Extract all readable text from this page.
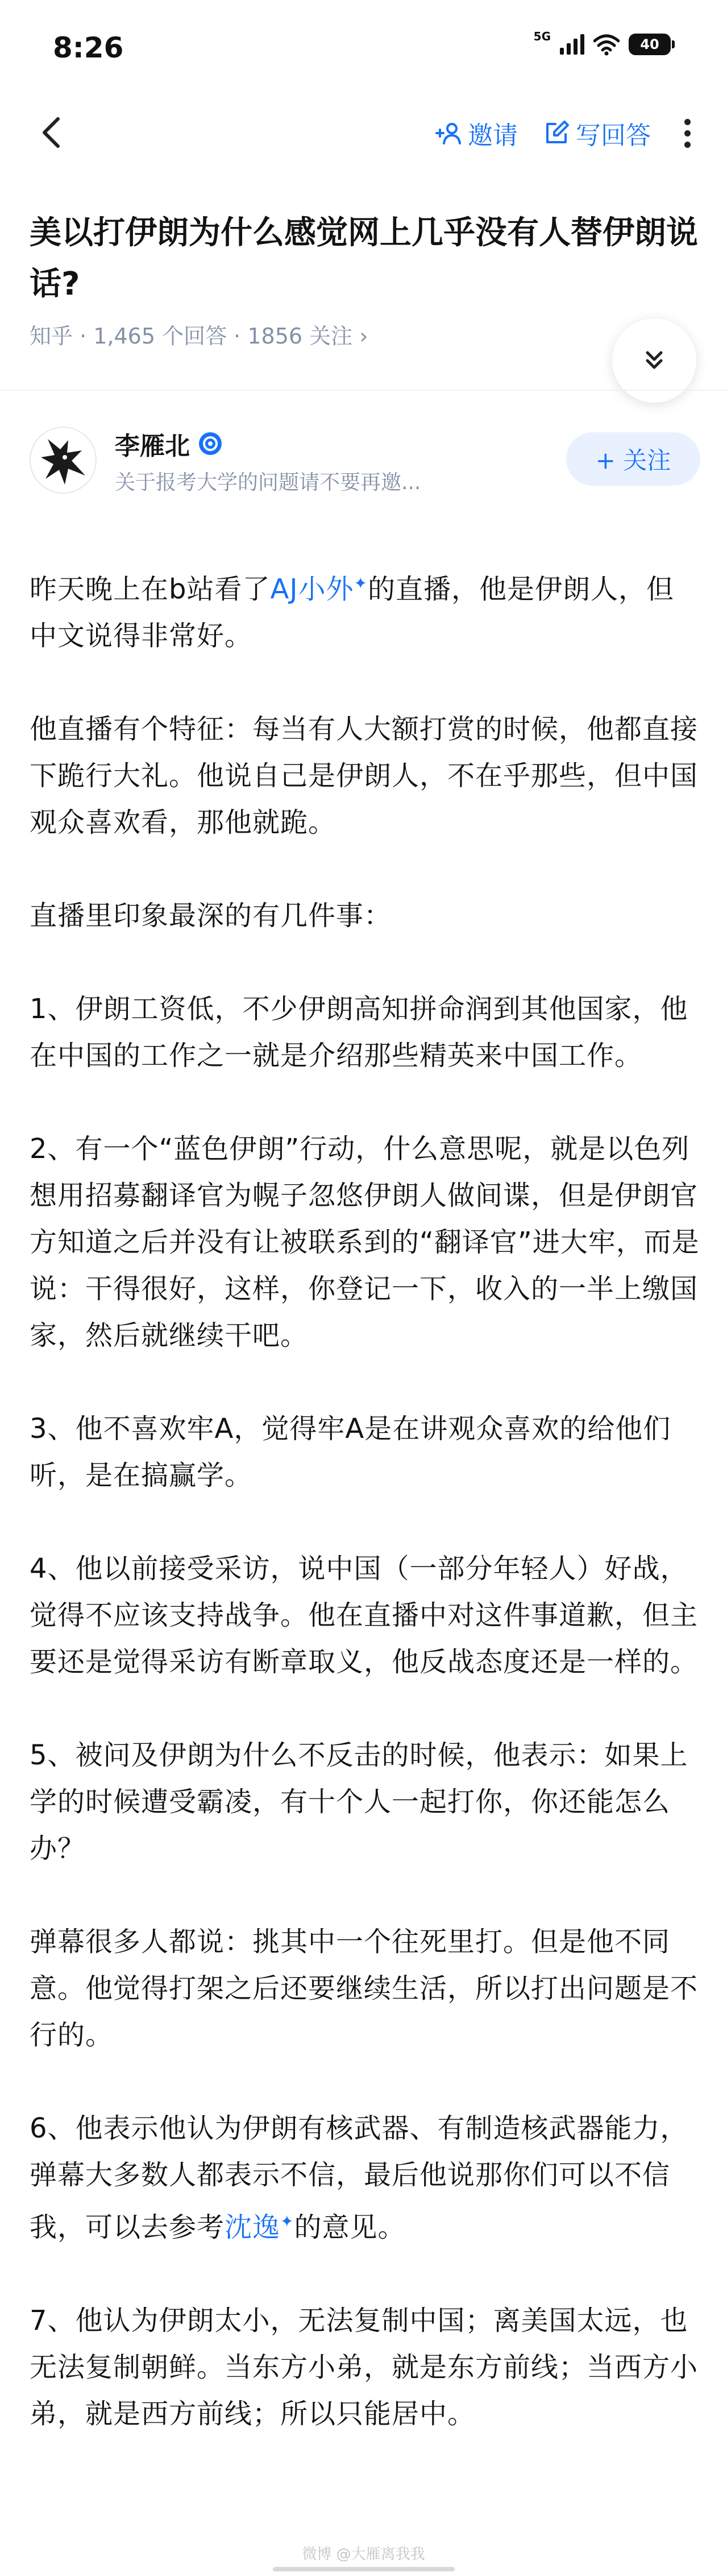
8:26	5G	40
邀请 写回答
美以打伊朗为什么感觉网上几乎没有人替伊朗说话?
知乎 · 1,465 个回答 · 1856 关注 ›
李雁北
关于报考大学的问题请不要再邀...
+ 关注

昨天晚上在b站看了AJ小外✦的直播，他是伊朗人，但中文说得非常好。

他直播有个特征：每当有人大额打赏的时候，他都直接下跪行大礼。他说自己是伊朗人，不在乎那些，但中国观众喜欢看，那他就跪。

直播里印象最深的有几件事：

1、伊朗工资低，不少伊朗高知拼命润到其他国家，他在中国的工作之一就是介绍那些精英来中国工作。

2、有一个“蓝色伊朗”行动，什么意思呢，就是以色列想用招募翻译官为幌子忽悠伊朗人做间谍，但是伊朗官方知道之后并没有让被联系到的“翻译官”进大牢，而是说：干得很好，这样，你登记一下，收入的一半上缴国家，然后就继续干吧。

3、他不喜欢牢A，觉得牢A是在讲观众喜欢的给他们听，是在搞赢学。

4、他以前接受采访，说中国（一部分年轻人）好战，觉得不应该支持战争。他在直播中对这件事道歉，但主要还是觉得采访有断章取义，他反战态度还是一样的。

5、被问及伊朗为什么不反击的时候，他表示：如果上学的时候遭受霸凌，有十个人一起打你，你还能怎么办？

弹幕很多人都说：挑其中一个往死里打。但是他不同意。他觉得打架之后还要继续生活，所以打出问题是不行的。

6、他表示他认为伊朗有核武器、有制造核武器能力，弹幕大多数人都表示不信，最后他说那你们可以不信我，可以去参考沈逸✦的意见。

7、他认为伊朗太小，无法复制中国；离美国太远，也无法复制朝鲜。当东方小弟，就是东方前线；当西方小弟，就是西方前线；所以只能居中。

微博 @大雁离我我
